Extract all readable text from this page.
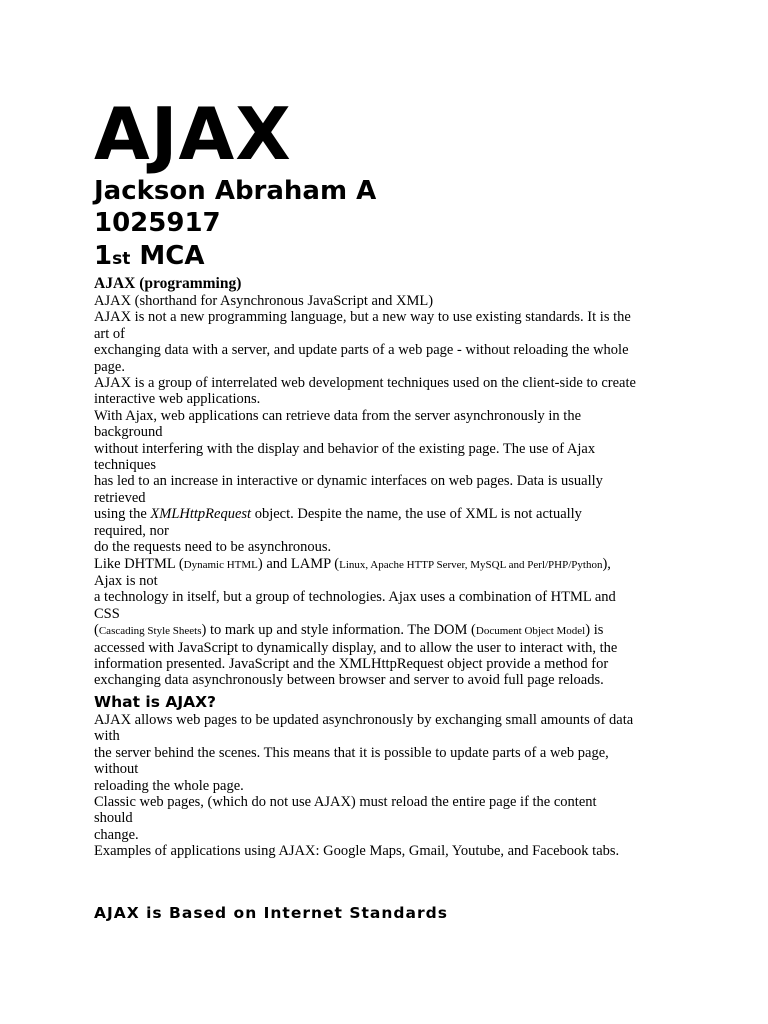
AJAX
Jackson Abraham A
1025917
1st MCA
AJAX (programming)
AJAX (shorthand for Asynchronous JavaScript and XML)
AJAX is not a new programming language, but a new way to use existing standards. It is the
art of
exchanging data with a server, and update parts of a web page - without reloading the whole
page.
AJAX is a group of interrelated web development techniques used on the client-side to create
interactive web applications.
With Ajax, web applications can retrieve data from the server asynchronously in the
background
without interfering with the display and behavior of the existing page. The use of Ajax
techniques
has led to an increase in interactive or dynamic interfaces on web pages. Data is usually
retrieved
using the XMLHttpRequest object. Despite the name, the use of XML is not actually
required, nor
do the requests need to be asynchronous.
Like DHTML (Dynamic HTML) and LAMP (Linux, Apache HTTP Server, MySQL and Perl/PHP/Python),
Ajax is not
a technology in itself, but a group of technologies. Ajax uses a combination of HTML and
CSS
(Cascading Style Sheets) to mark up and style information. The DOM (Document Object Model) is
accessed with JavaScript to dynamically display, and to allow the user to interact with, the
information presented. JavaScript and the XMLHttpRequest object provide a method for
exchanging data asynchronously between browser and server to avoid full page reloads.
What is AJAX?
AJAX allows web pages to be updated asynchronously by exchanging small amounts of data
with
the server behind the scenes. This means that it is possible to update parts of a web page,
without
reloading the whole page.
Classic web pages, (which do not use AJAX) must reload the entire page if the content
should
change.
Examples of applications using AJAX: Google Maps, Gmail, Youtube, and Facebook tabs.
AJAX is Based on Internet Standards
